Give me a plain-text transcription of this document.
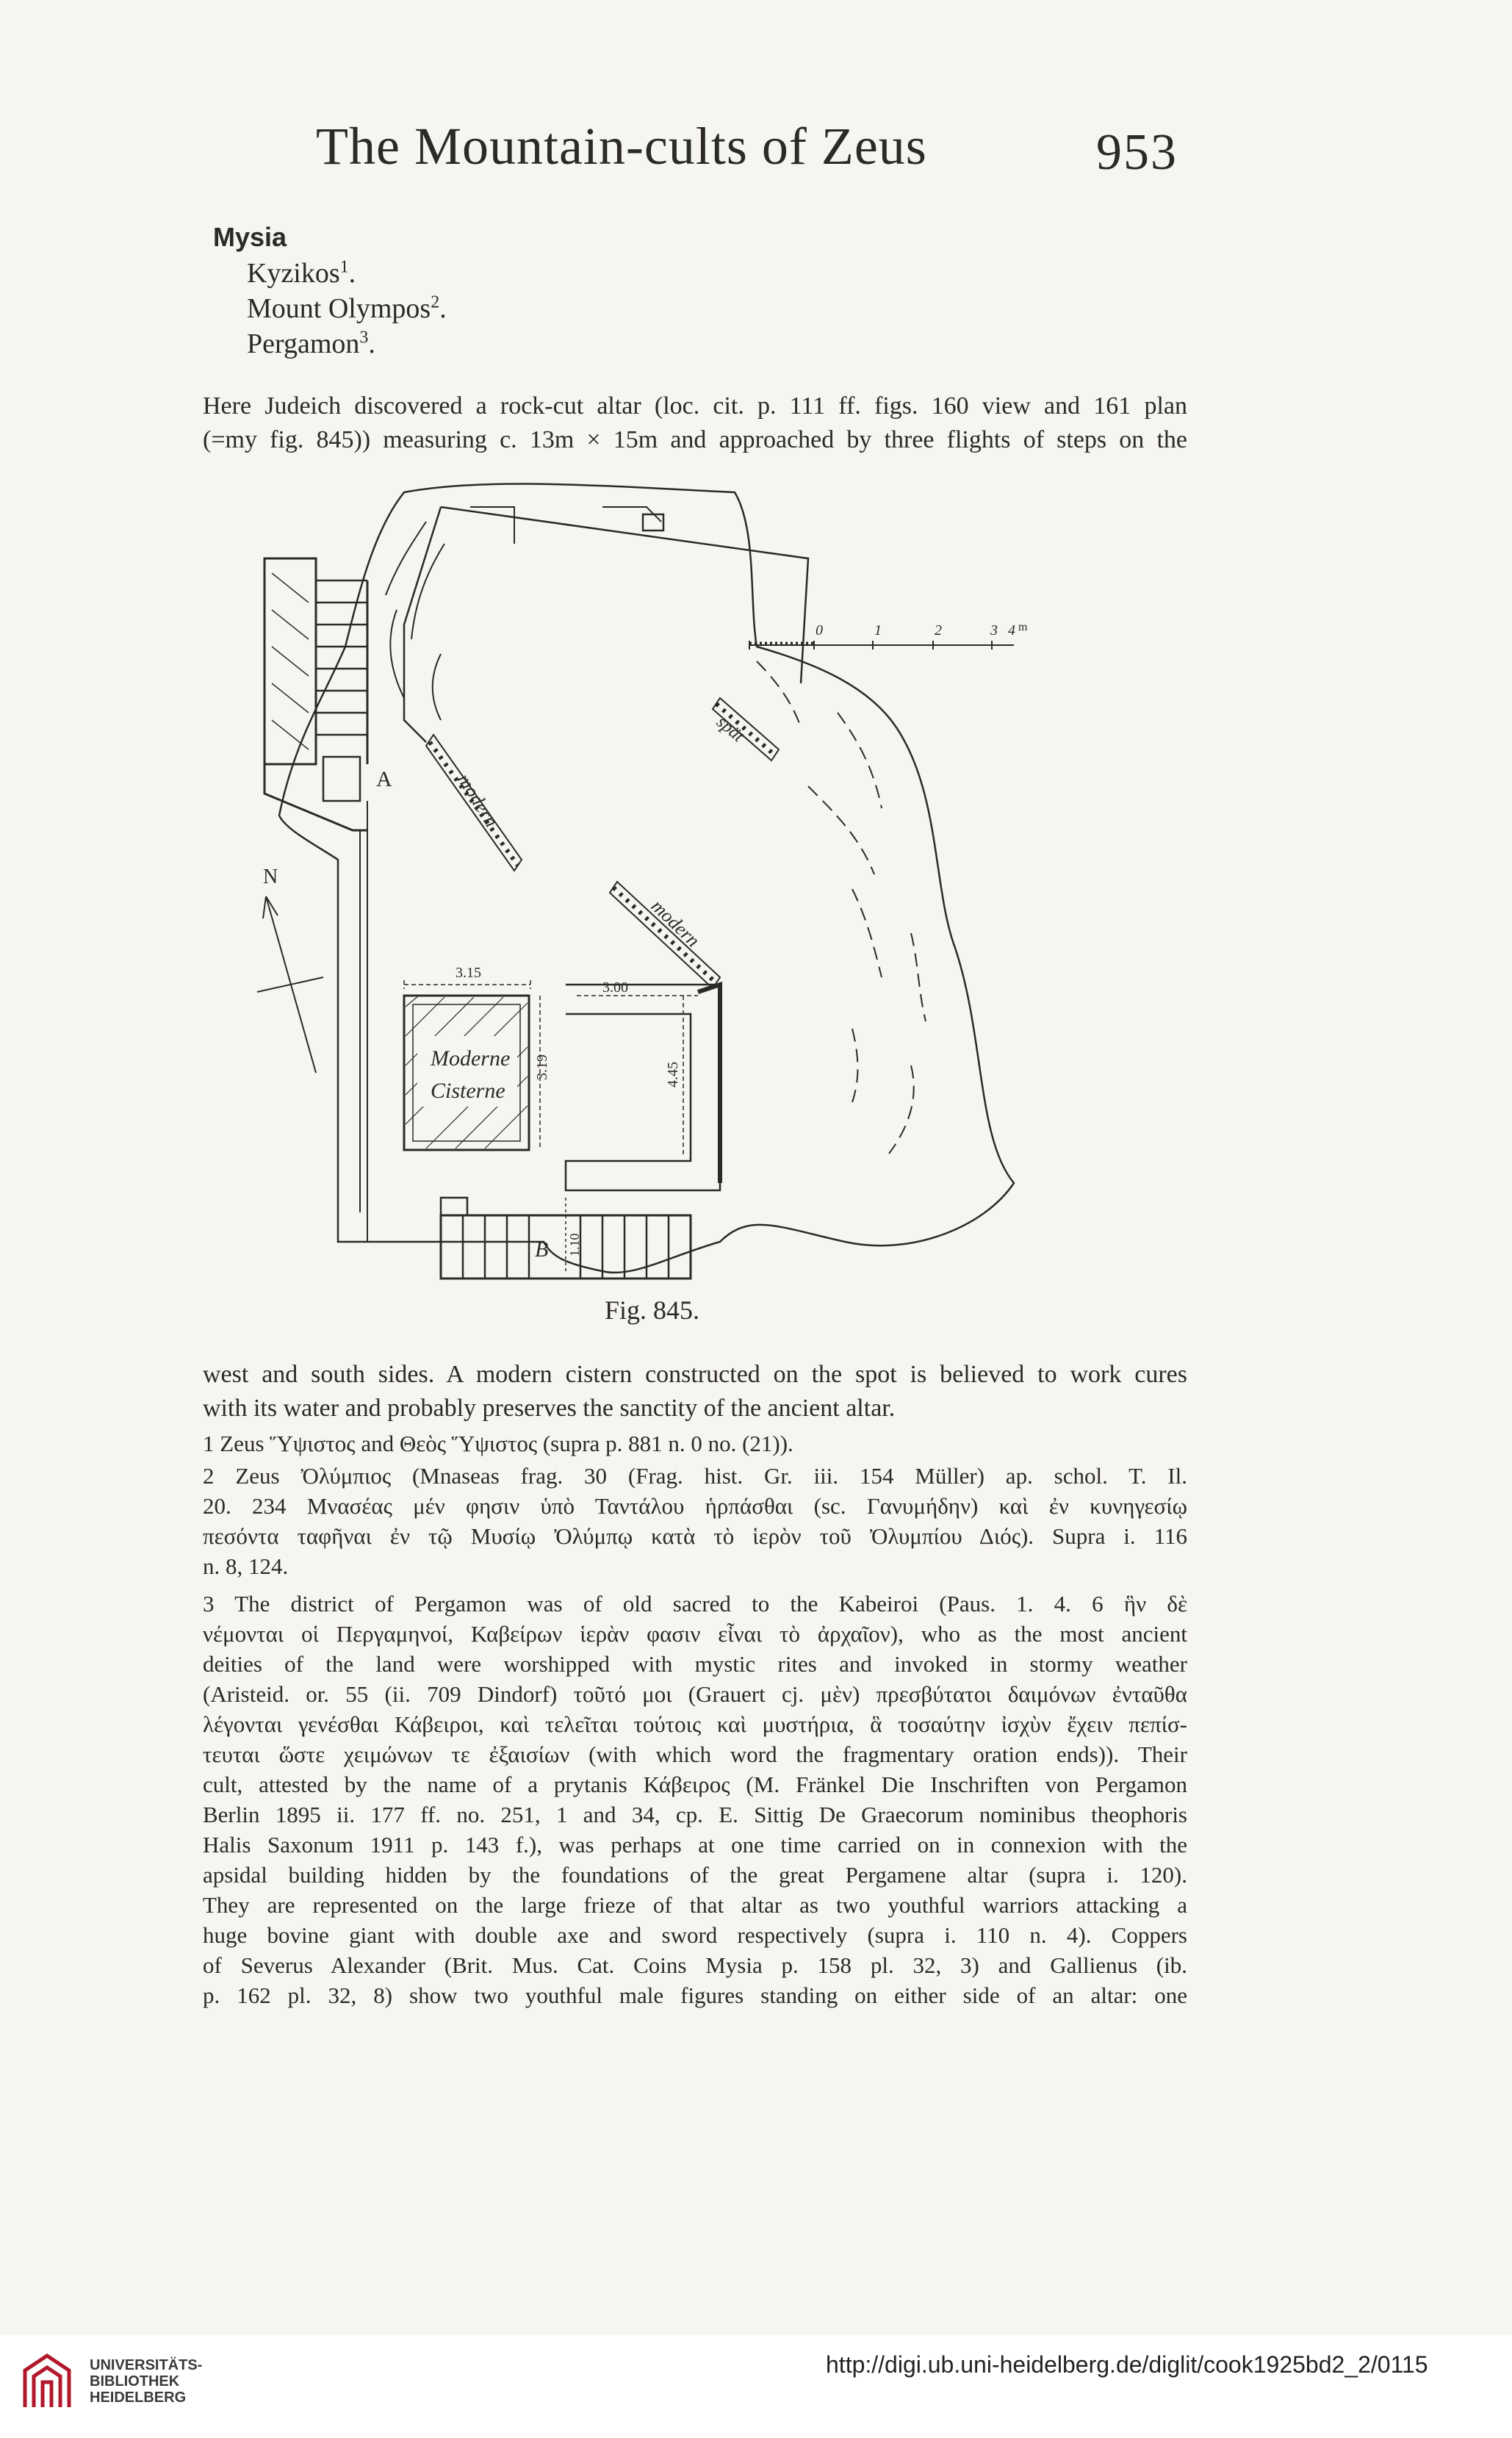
The Mountain-cults of Zeus	953
Mysia
Kyzikos$^1$.
Mount Olympos$^2$.
Pergamon$^3$.
Here Judeich discovered a rock-cut altar (loc. cit. p. 111 ff. figs. 160 view and 161 plan
(=my fig. 845)) measuring c. 13m × 15m and approached by three flights of steps on the
A	modern
modern
spät
0	1	2	3 4 m
N
Moderne
Cisterne
3.15
3.19
3.00
4.45
B 1.10
Fig. 845.
west and south sides. A modern cistern constructed on the spot is believed to work cures
with its water and probably preserves the sanctity of the ancient altar.
1 Zeus Ὕψιστος and Θεὸς Ὕψιστος (supra p. 881 n. 0 no. (21)).
2 Zeus Ὀλύμπιος (Mnaseas frag. 30 (Frag. hist. Gr. iii. 154 Müller) ap. schol. T. Il.
20. 234 Μνασέας μέν φησιν ὑπὸ Ταντάλου ἡρπάσθαι (sc. Γανυμήδην) καὶ ἐν κυνηγεσίῳ
πεσόντα ταφῆναι ἐν τῷ Μυσίῳ Ὀλύμπῳ κατὰ τὸ ἱερὸν τοῦ Ὀλυμπίου Διός). Supra i. 116
n. 8, 124.
3 The district of Pergamon was of old sacred to the Kabeiroi (Paus. 1. 4. 6 ἣν δὲ
νέμονται οἱ Περγαμηνοί, Καβείρων ἱερὰν φασιν εἶναι τὸ ἀρχαῖον), who as the most ancient
deities of the land were worshipped with mystic rites and invoked in stormy weather
(Aristeid. or. 55 (ii. 709 Dindorf) τοῦτό μοι (Grauert cj. μὲν) πρεσβύτατοι δαιμόνων ἐνταῦθα
λέγονται γενέσθαι Κάβειροι, καὶ τελεῖται τούτοις καὶ μυστήρια, ἃ τοσαύτην ἰσχὺν ἔχειν πεπίσ-
τευται ὥστε χειμώνων τε ἐξαισίων (with which word the fragmentary oration ends)). Their
cult, attested by the name of a prytanis Κάβειρος (M. Fränkel Die Inschriften von Pergamon
Berlin 1895 ii. 177 ff. no. 251, 1 and 34, cp. E. Sittig De Graecorum nominibus theophoris
Halis Saxonum 1911 p. 143 f.), was perhaps at one time carried on in connexion with the
apsidal building hidden by the foundations of the great Pergamene altar (supra i. 120).
They are represented on the large frieze of that altar as two youthful warriors attacking a
huge bovine giant with double axe and sword respectively (supra i. 110 n. 4). Coppers
of Severus Alexander (Brit. Mus. Cat. Coins Mysia p. 158 pl. 32, 3) and Gallienus (ib.
p. 162 pl. 32, 8) show two youthful male figures standing on either side of an altar: one
UNIVERSITÄTS-
BIBLIOTHEK
HEIDELBERG
http://digi.ub.uni-heidelberg.de/diglit/cook1925bd2_2/0115
